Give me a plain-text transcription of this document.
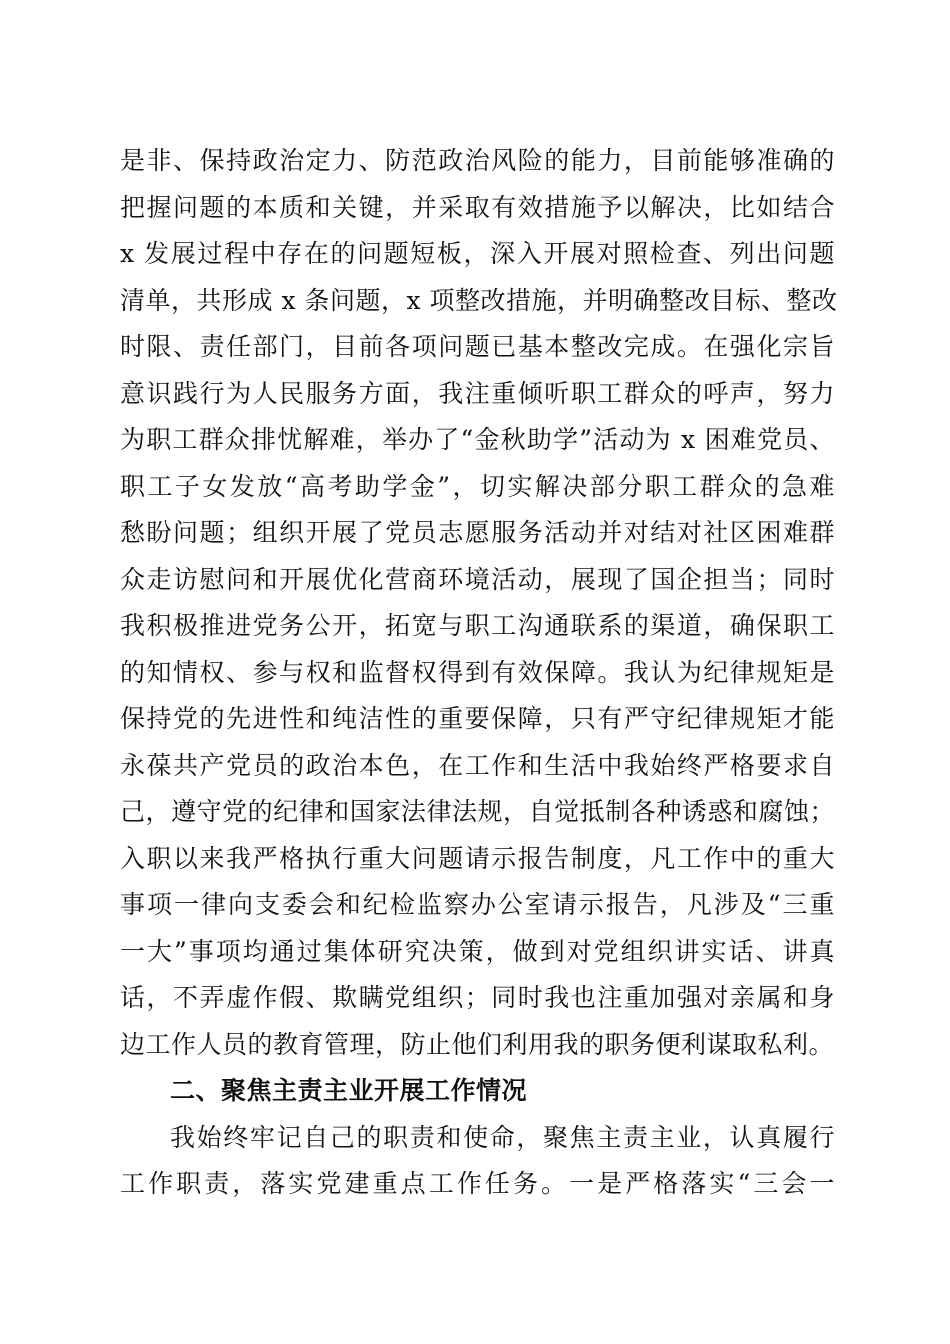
是非、保持政治定力、防范政治风险的能力，目前能够准确的
把握问题的本质和关键，并采取有效措施予以解决，比如结合
x 发展过程中存在的问题短板，深入开展对照检查、列出问题
清单，共形成 x 条问题，x 项整改措施，并明确整改目标、整改
时限、责任部门，目前各项问题已基本整改完成。在强化宗旨
意识践行为人民服务方面，我注重倾听职工群众的呼声，努力
为职工群众排忧解难，举办了“金秋助学”活动为 x 困难党员、
职工子女发放“高考助学金”，切实解决部分职工群众的急难
愁盼问题；组织开展了党员志愿服务活动并对结对社区困难群
众走访慰问和开展优化营商环境活动，展现了国企担当；同时
我积极推进党务公开，拓宽与职工沟通联系的渠道，确保职工
的知情权、参与权和监督权得到有效保障。我认为纪律规矩是
保持党的先进性和纯洁性的重要保障，只有严守纪律规矩才能
永葆共产党员的政治本色，在工作和生活中我始终严格要求自
己，遵守党的纪律和国家法律法规，自觉抵制各种诱惑和腐蚀；
入职以来我严格执行重大问题请示报告制度，凡工作中的重大
事项一律向支委会和纪检监察办公室请示报告，凡涉及“三重
一大”事项均通过集体研究决策，做到对党组织讲实话、讲真
话，不弄虚作假、欺瞒党组织；同时我也注重加强对亲属和身
边工作人员的教育管理，防止他们利用我的职务便利谋取私利。
二、聚焦主责主业开展工作情况
我始终牢记自己的职责和使命，聚焦主责主业，认真履行
工作职责，落实党建重点工作任务。一是严格落实“三会一
